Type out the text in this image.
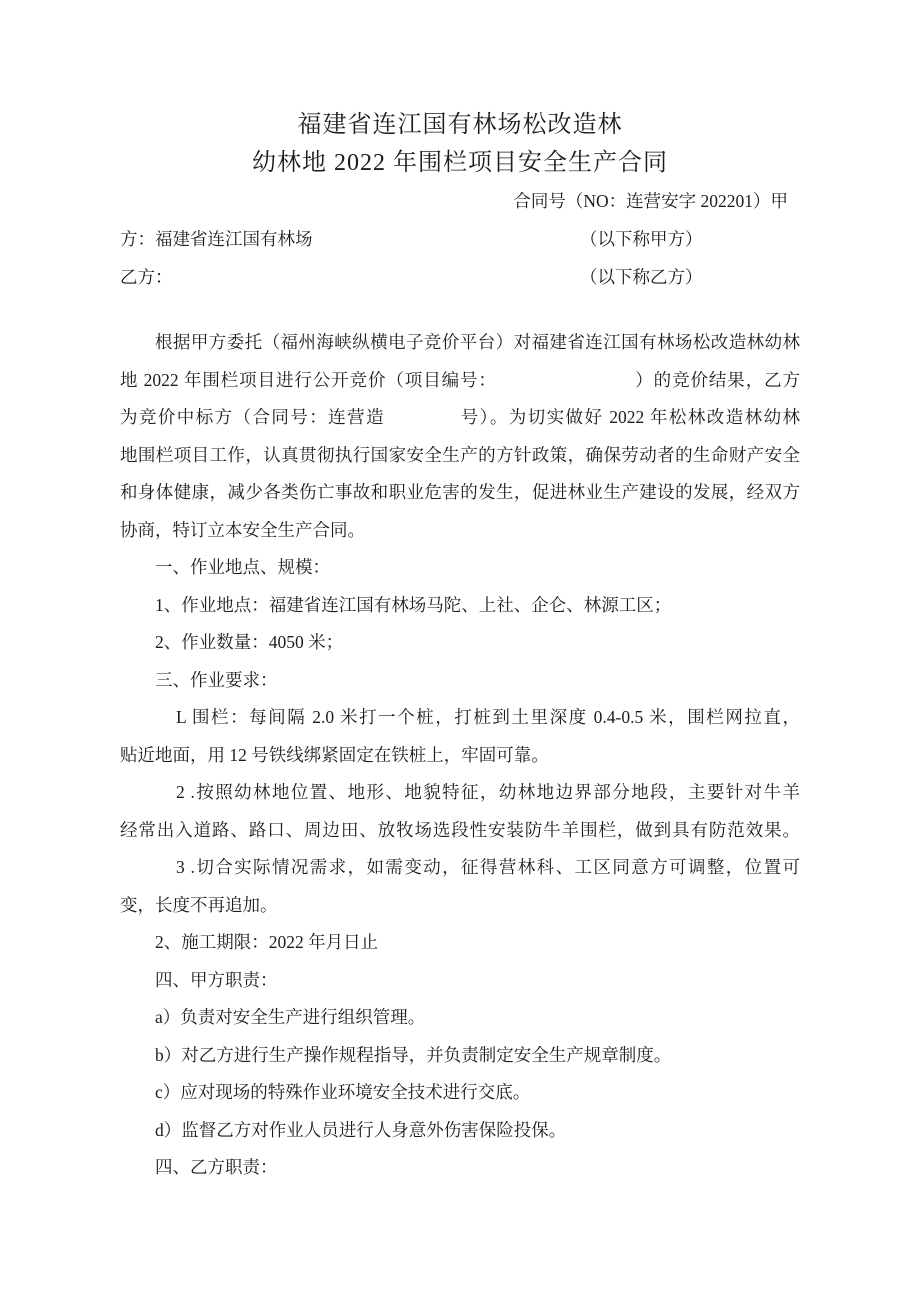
福建省连江国有林场松改造林
幼林地 2022 年围栏项目安全生产合同
合同号（NO：连营安字 202201）甲
方：福建省连江国有林场	（以下称甲方）
乙方：	（以下称乙方）
根据甲方委托（福州海峡纵横电子竞价平台）对福建省连江国有林场松改造林幼林
地 2022 年围栏项目进行公开竞价（项目编号：　　　　　　　　）的竞价结果，乙方
为竞价中标方（合同号：连营造　　　　号）。为切实做好 2022 年松林改造林幼林
地围栏项目工作，认真贯彻执行国家安全生产的方针政策，确保劳动者的生命财产安全
和身体健康，减少各类伤亡事故和职业危害的发生，促进林业生产建设的发展，经双方
协商，特订立本安全生产合同。
一、作业地点、规模：
1、作业地点：福建省连江国有林场马陀、上社、企仑、林源工区；
2、作业数量：4050 米；
三、作业要求：
L 围栏：每间隔 2.0 米打一个桩，打桩到土里深度 0.4-0.5 米，围栏网拉直，
贴近地面，用 12 号铁线绑紧固定在铁桩上，牢固可靠。
2 .按照幼林地位置、地形、地貌特征，幼林地边界部分地段，主要针对牛羊
经常出入道路、路口、周边田、放牧场选段性安装防牛羊围栏，做到具有防范效果。
3 .切合实际情况需求，如需变动，征得营林科、工区同意方可调整，位置可
变，长度不再追加。
2、施工期限：2022 年月日止
四、甲方职责：
a）负责对安全生产进行组织管理。
b）对乙方进行生产操作规程指导，并负责制定安全生产规章制度。
c）应对现场的特殊作业环境安全技术进行交底。
d）监督乙方对作业人员进行人身意外伤害保险投保。
四、乙方职责：
